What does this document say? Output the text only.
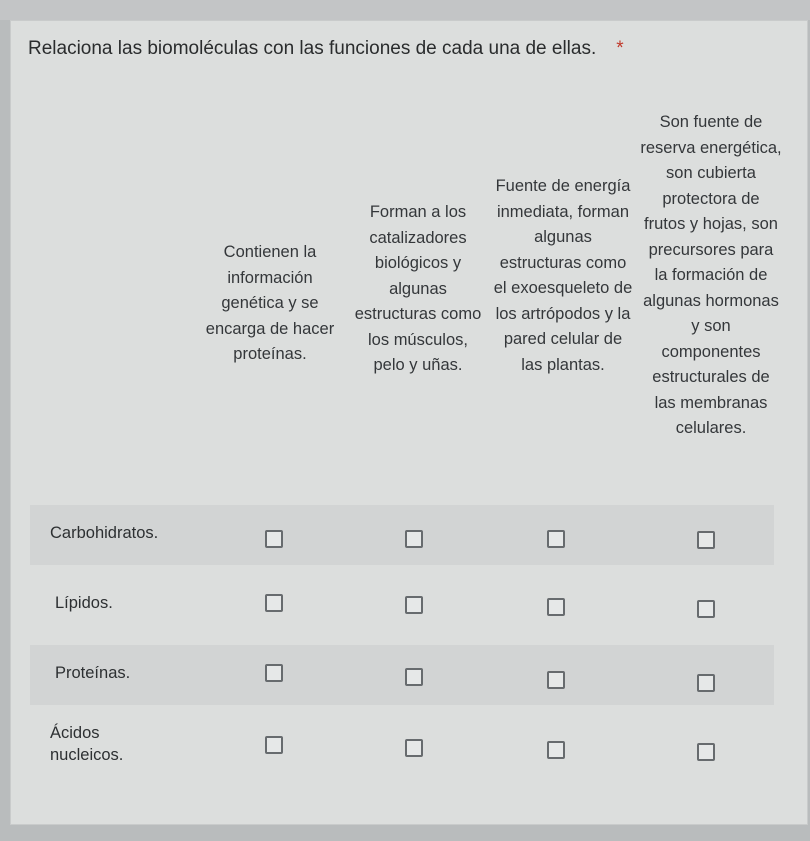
Relaciona las biomoléculas con las funciones de cada una de ellas. *
Contienen la información genética y se encarga de hacer proteínas.
Forman a los catalizadores biológicos y algunas estructuras como los músculos, pelo y uñas.
Fuente de energía inmediata, forman algunas estructuras como el exoesqueleto de los artrópodos y la pared celular de las plantas.
Son fuente de reserva energética, son cubierta protectora de frutos y hojas, son precursores para la formación de algunas hormonas y son componentes estructurales de las membranas celulares.
Carbohidratos.
Lípidos.
Proteínas.
Ácidos nucleicos.
